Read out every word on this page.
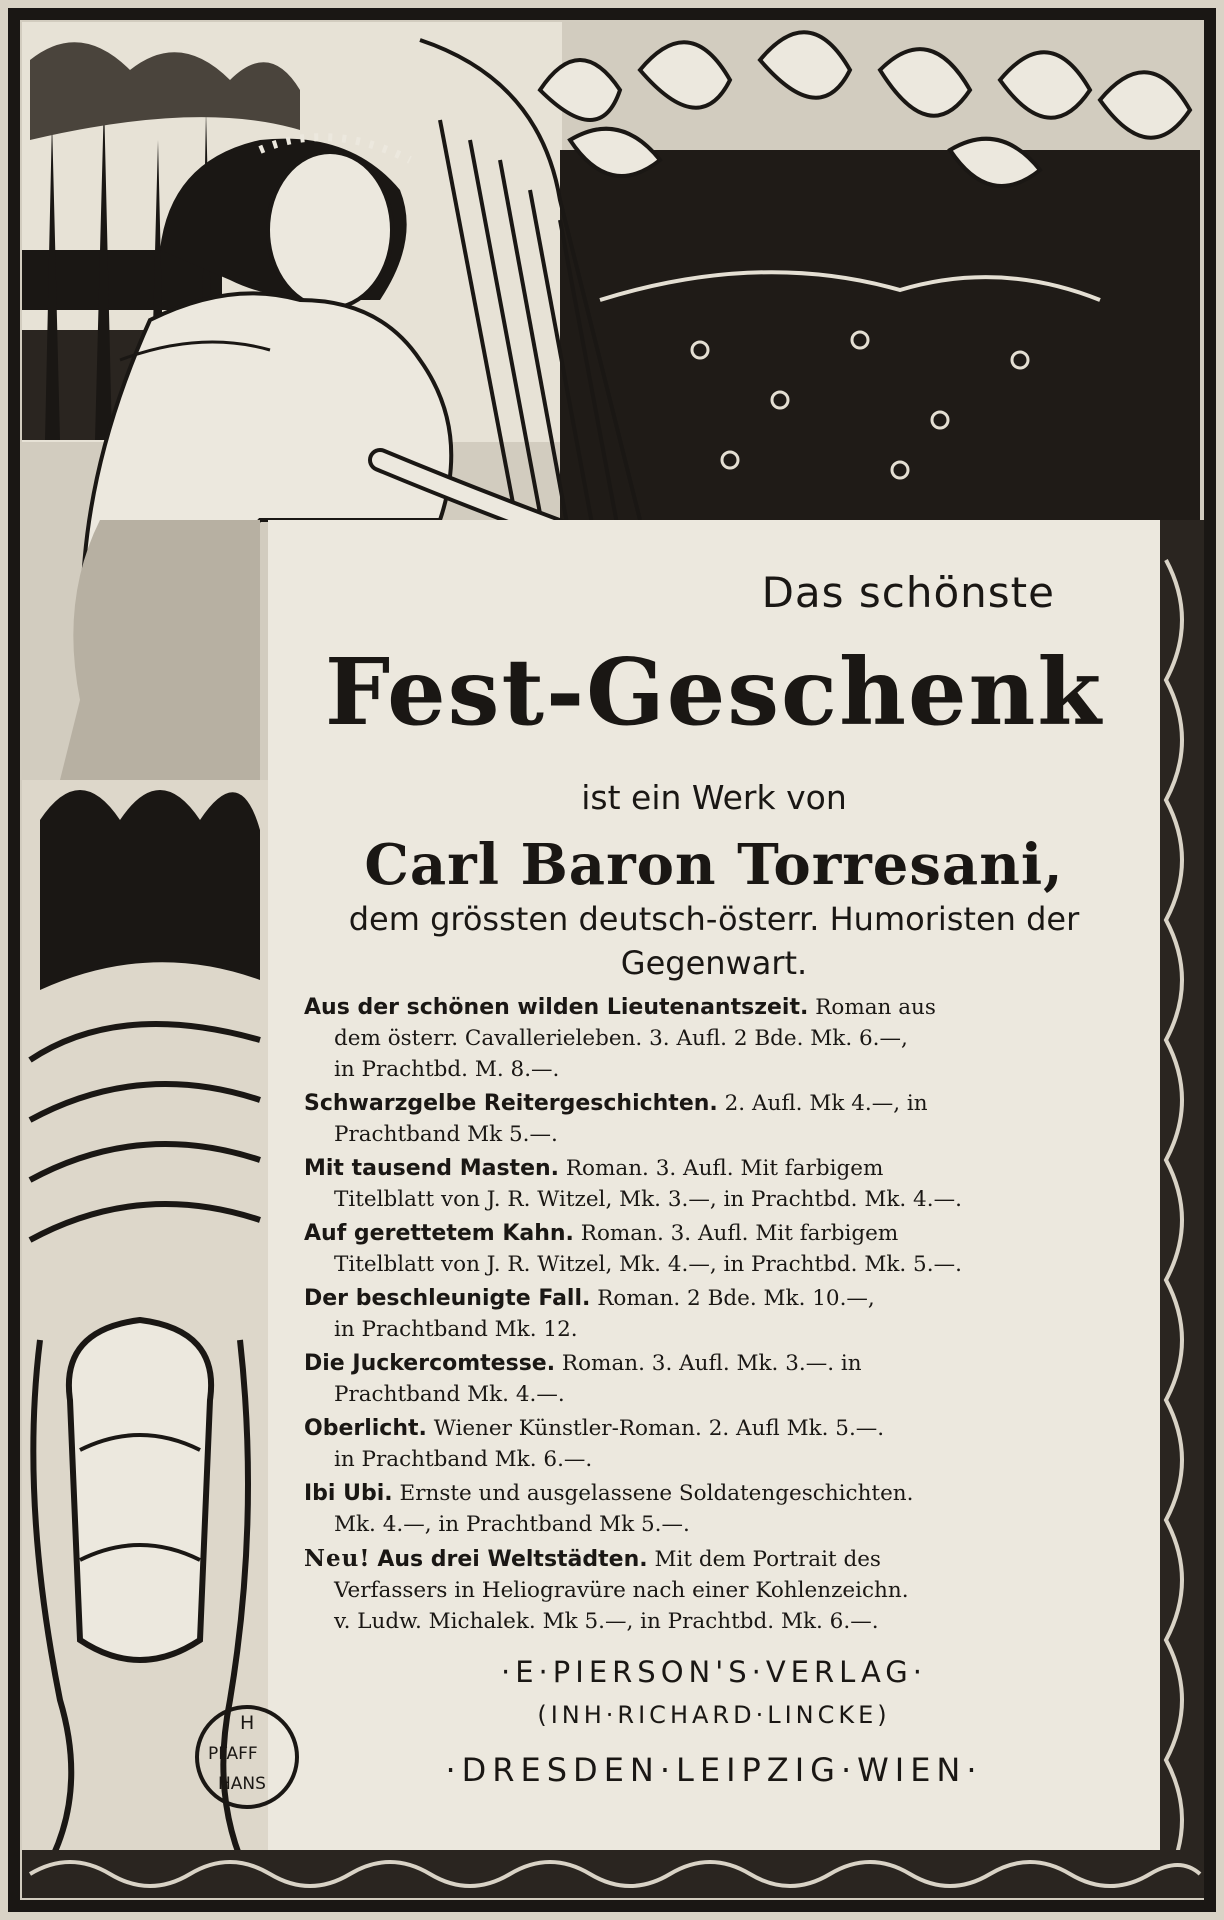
Das schönste

Fest-Geschenk

ist ein Werk von

Carl Baron Torresani,

dem grössten deutsch-österr. Humoristen der

Gegenwart.

Aus der schönen wilden Lieutenantszeit. Roman aus
dem österr. Cavallerieleben. 3. Aufl. 2 Bde. Mk. 6.—,
in Prachtbd. M. 8.—.

Schwarzgelbe Reitergeschichten. 2. Aufl. Mk 4.—, in
Prachtband Mk 5.—.

Mit tausend Masten. Roman. 3. Aufl. Mit farbigem
Titelblatt von J. R. Witzel, Mk. 3.—, in Prachtbd. Mk. 4.—.

Auf gerettetem Kahn. Roman. 3. Aufl. Mit farbigem
Titelblatt von J. R. Witzel, Mk. 4.—, in Prachtbd. Mk. 5.—.

Der beschleunigte Fall. Roman. 2 Bde. Mk. 10.—,
in Prachtband Mk. 12.

Die Juckercomtesse. Roman. 3. Aufl. Mk. 3.—. in
Prachtband Mk. 4.—.

Oberlicht. Wiener Künstler-Roman. 2. Aufl Mk. 5.—.
in Prachtband Mk. 6.—.

Ibi Ubi. Ernste und ausgelassene Soldatengeschichten.
Mk. 4.—, in Prachtband Mk 5.—.

Neu! Aus drei Weltstädten. Mit dem Portrait des
Verfassers in Heliogravüre nach einer Kohlenzeichn.
v. Ludw. Michalek. Mk 5.—, in Prachtbd. Mk. 6.—.

·E·PIERSON'S·VERLAG·
(INH·RICHARD·LINCKE)
·DRESDEN·LEIPZIG·WIEN·
H
PFAFF
HANS
